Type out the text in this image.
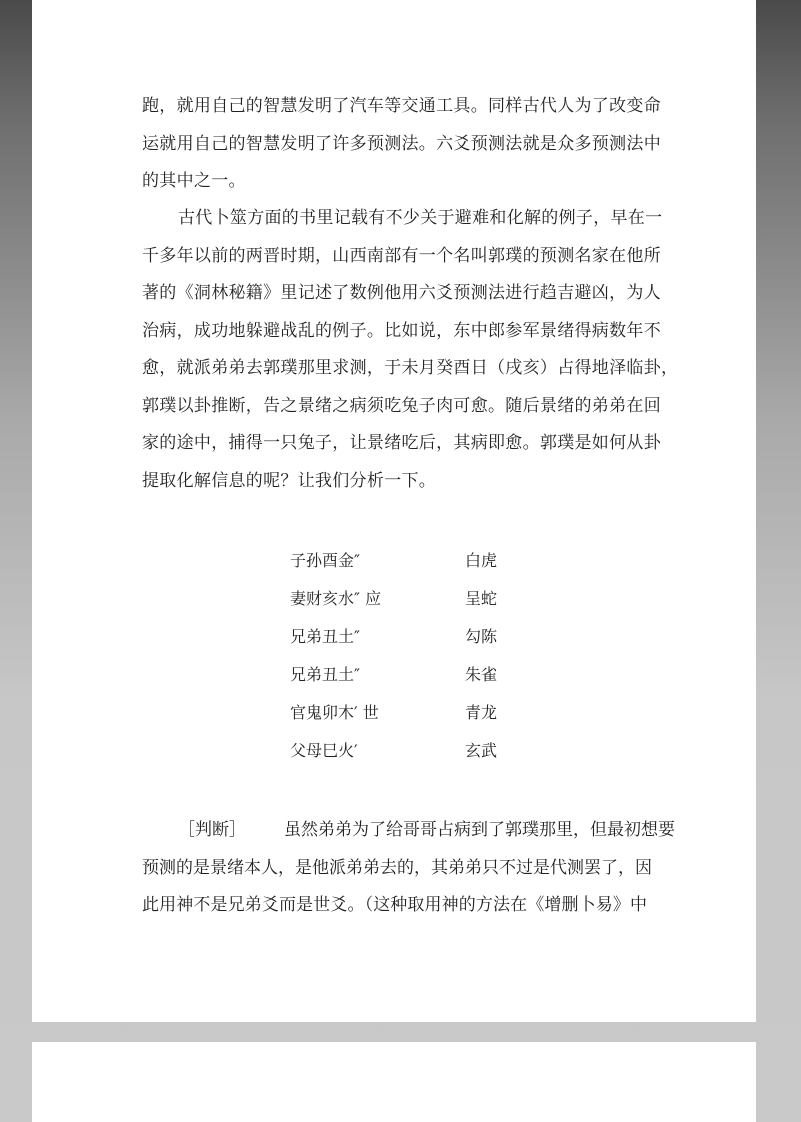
跑，就用自己的智慧发明了汽车等交通工具。同样古代人为了改变命
运就用自己的智慧发明了许多预测法。六爻预测法就是众多预测法中
的其中之一。
古代卜筮方面的书里记载有不少关于避难和化解的例子，早在一
千多年以前的两晋时期，山西南部有一个名叫郭璞的预测名家在他所
著的《洞林秘籍》里记述了数例他用六爻预测法进行趋吉避凶，为人
治病，成功地躲避战乱的例子。比如说，东中郎参军景绪得病数年不
愈，就派弟弟去郭璞那里求测，于未月癸酉日（戌亥）占得地泽临卦，
郭璞以卦推断，告之景绪之病须吃兔子肉可愈。随后景绪的弟弟在回
家的途中，捕得一只兔子，让景绪吃后，其病即愈。郭璞是如何从卦
提取化解信息的呢？让我们分析一下。
子孙酉金″	白虎
妻财亥水″ 应	呈蛇
兄弟丑土″	勾陈
兄弟丑土″	朱雀
官鬼卯木′ 世	青龙
父母巳火′	玄武
［判断］ 虽然弟弟为了给哥哥占病到了郭璞那里，但最初想要
预测的是景绪本人，是他派弟弟去的，其弟弟只不过是代测罢了，因
此用神不是兄弟爻而是世爻。（这种取用神的方法在《增删卜易》中
